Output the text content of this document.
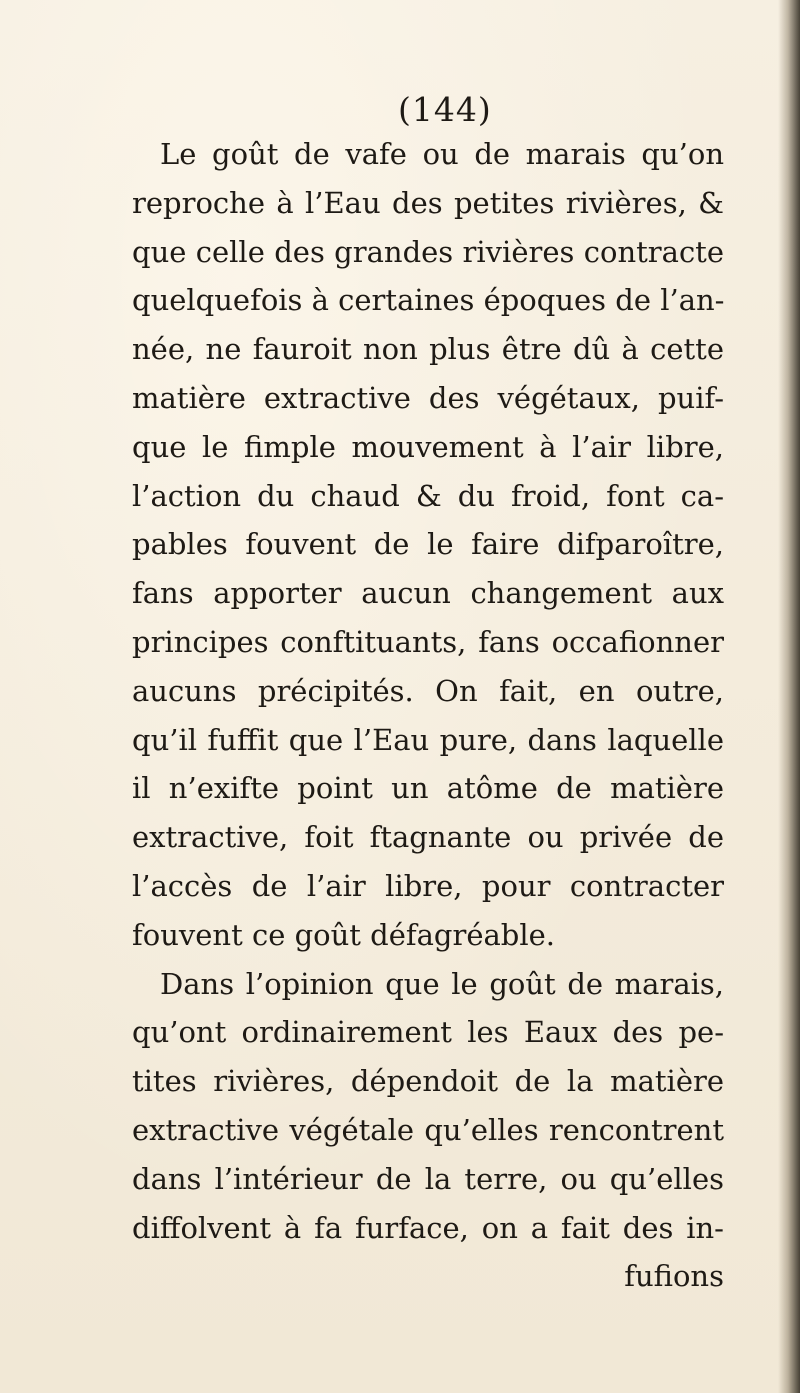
(144)
Le goût de vafe ou de marais qu’on
reproche à l’Eau des petites rivières, &
que celle des grandes rivières contracte
quelquefois à certaines époques de l’an-
née, ne fauroit non plus être dû à cette
matière extractive des végétaux, puif-
que le fimple mouvement à l’air libre,
l’action du chaud & du froid, font ca-
pables fouvent de le faire difparoître,
fans apporter aucun changement aux
principes conftituants, fans occafionner
aucuns précipités. On fait, en outre,
qu’il fuffit que l’Eau pure, dans laquelle
il n’exifte point un atôme de matière
extractive, foit ftagnante ou privée de
l’accès de l’air libre, pour contracter
fouvent ce goût défagréable.
Dans l’opinion que le goût de marais,
qu’ont ordinairement les Eaux des pe-
tites rivières, dépendoit de la matière
extractive végétale qu’elles rencontrent
dans l’intérieur de la terre, ou qu’elles
diffolvent à fa furface, on a fait des in-
fufions
